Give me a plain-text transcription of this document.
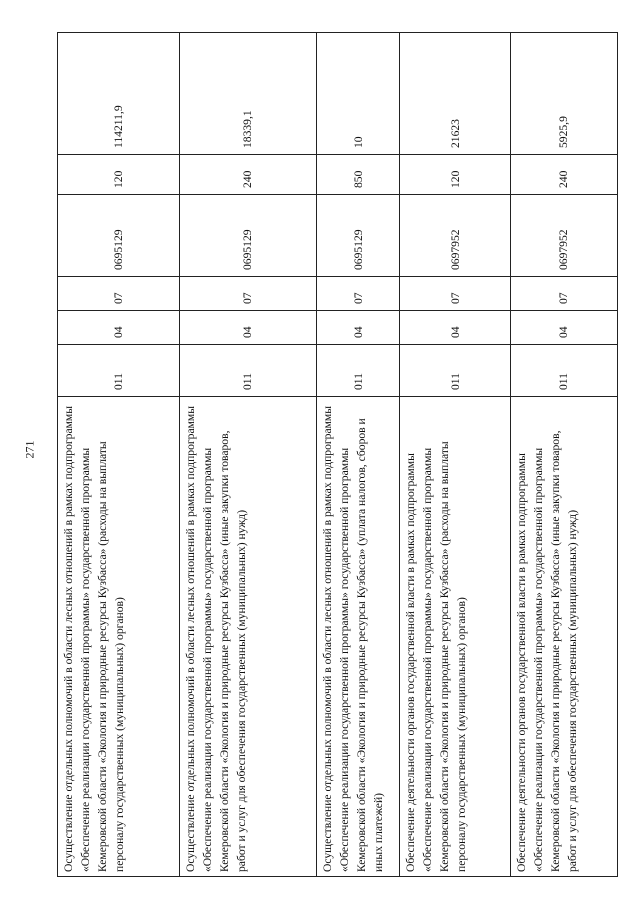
271 Осуществление отдельных полномочий в области лесных отношений в рамках подпрограммы «Обеспечение реализации государственной программы» государственной программы Кемеровской области «Экология и природные ресурсы Кузбасса» (расходы на выплаты персоналу государственных (муниципальных) органов)	011	04	07	0695129	120	114211,9
Осуществление отдельных полномочий в области лесных отношений в рамках подпрограммы «Обеспечение реализации государственной программы» государственной программы Кемеровской области «Экология и природные ресурсы Кузбасса» (иные закупки товаров, работ и услуг для обеспечения государственных (муниципальных) нужд)	011	04	07	0695129	240	18339,1
Осуществление отдельных полномочий в области лесных отношений в рамках подпрограммы «Обеспечение реализации государственной программы» государственной программы Кемеровской области «Экология и природные ресурсы Кузбасса» (уплата налогов, сборов и иных платежей)	011	04	07	0695129	850	10
Обеспечение деятельности органов государственной власти в рамках подпрограммы «Обеспечение реализации государственной программы» государственной программы Кемеровской области «Экология и природные ресурсы Кузбасса» (расходы на выплаты персоналу государственных (муниципальных) органов)	011	04	07	0697952	120	21623
Обеспечение деятельности органов государственной власти в рамках подпрограммы «Обеспечение реализации государственной программы» государственной программы Кемеровской области «Экология и природные ресурсы Кузбасса» (иные закупки товаров, работ и услуг для обеспечения государственных (муниципальных) нужд)	011	04	07	0697952	240	5925,9
